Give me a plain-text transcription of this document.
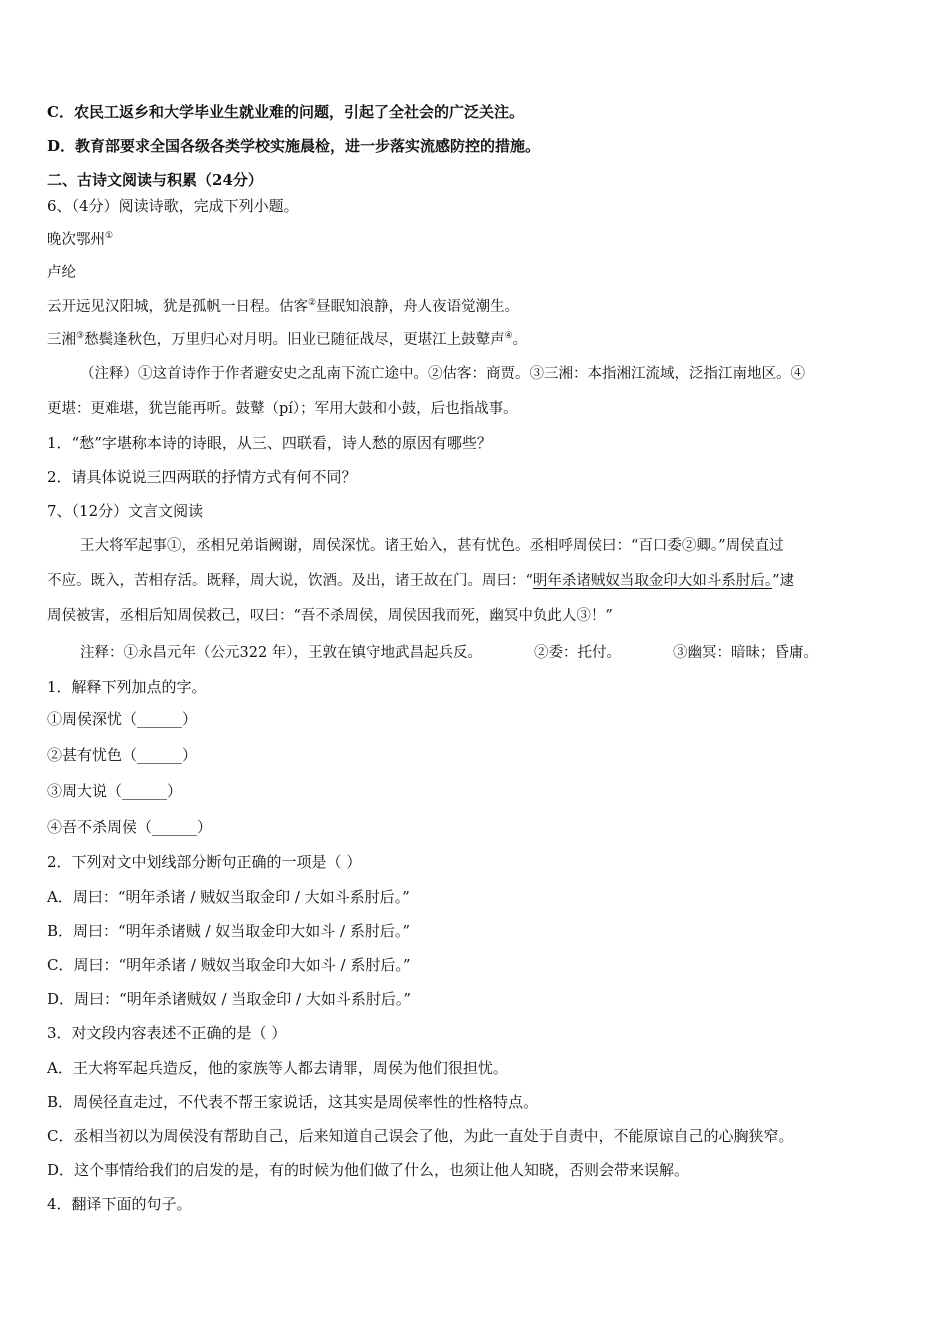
C．农民工返乡和大学毕业生就业难的问题，引起了全社会的广泛关注。
D．教育部要求全国各级各类学校实施晨检，进一步落实流感防控的措施。
二、古诗文阅读与积累（24分）
6、（4分）阅读诗歌，完成下列小题。
晚次鄂州①
卢纶
云开远见汉阳城，犹是孤帆一日程。估客②昼眠知浪静，舟人夜语觉潮生。
三湘③愁鬓逢秋色，万里归心对月明。旧业已随征战尽，更堪江上鼓鼙声④。
（注释）①这首诗作于作者避安史之乱南下流亡途中。②估客：商贾。③三湘：本指湘江流域，泛指江南地区。④
更堪：更难堪，犹岂能再听。鼓鼙（pí）；军用大鼓和小鼓，后也指战事。
1．“愁”字堪称本诗的诗眼，从三、四联看，诗人愁的原因有哪些？
2．请具体说说三四两联的抒情方式有何不同？
7、（12分）文言文阅读
王大将军起事①，丞相兄弟诣阙谢，周侯深忧。诸王始入，甚有忧色。丞相呼周侯曰：“百口委②卿。”周侯直过
不应。既入，苦相存活。既释，周大说，饮酒。及出，诸王故在门。周曰：“明年杀诸贼奴当取金印大如斗系肘后。”逮
周侯被害，丞相后知周侯救己，叹曰：“吾不杀周侯，周侯因我而死，幽冥中负此人③！”
注释：①永昌元年（公元322 年），王敦在镇守地武昌起兵反。	②委：托付。	③幽冥：暗昧；昏庸。
1．解释下列加点的字。
①周侯深忧（______）
②甚有忧色（______）
③周大说（______）
④吾不杀周侯（______）
2．下列对文中划线部分断句正确的一项是（ ）
A．周曰：“明年杀诸 / 贼奴当取金印 / 大如斗系肘后。”
B．周曰：“明年杀诸贼 / 奴当取金印大如斗 / 系肘后。”
C．周曰：“明年杀诸 / 贼奴当取金印大如斗 / 系肘后。”
D．周曰：“明年杀诸贼奴 / 当取金印 / 大如斗系肘后。”
3．对文段内容表述不正确的是（ ）
A．王大将军起兵造反，他的家族等人都去请罪，周侯为他们很担忧。
B．周侯径直走过，不代表不帮王家说话，这其实是周侯率性的性格特点。
C．丞相当初以为周侯没有帮助自己，后来知道自己误会了他，为此一直处于自责中，不能原谅自己的心胸狭窄。
D．这个事情给我们的启发的是，有的时候为他们做了什么，也须让他人知晓，否则会带来误解。
4．翻译下面的句子。
